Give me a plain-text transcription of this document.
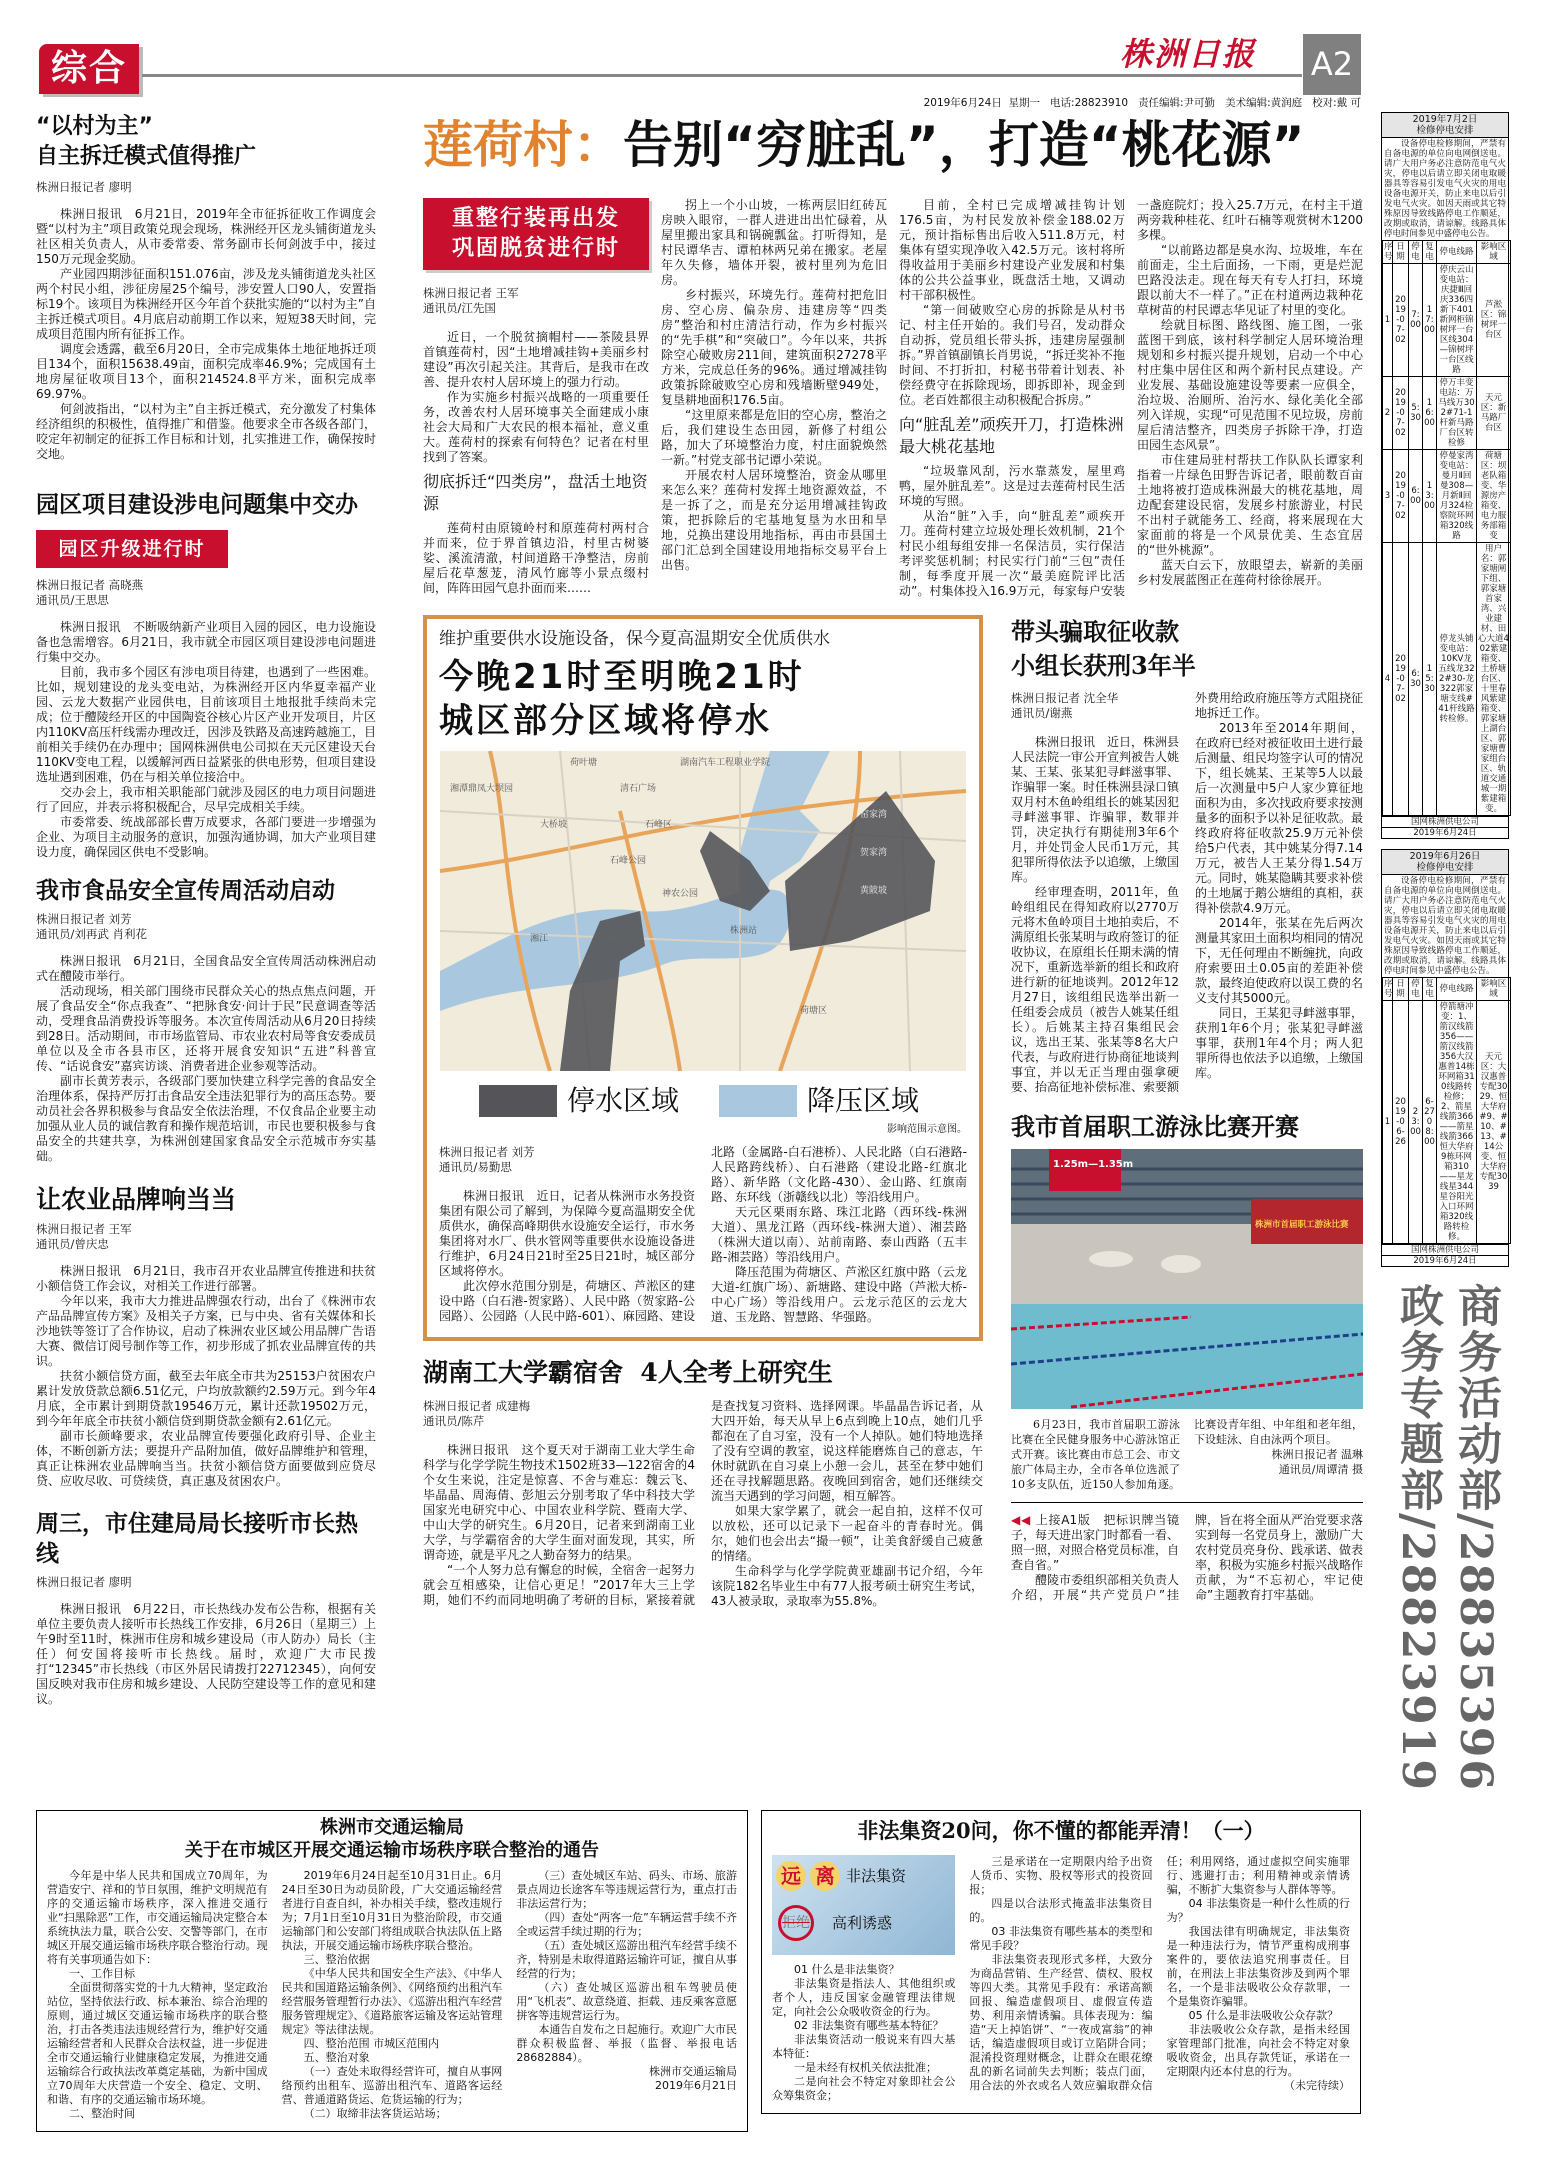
综合	株洲日报	A2
2019年6月24日  星期一   电话:28823910   责任编辑:尹可勤   美术编辑:黄润庭   校对:戴 可
“以村为主”
自主拆迁模式值得推广
株洲日报记者 廖明

株洲日报讯　6月21日，2019年全市征拆征收工作调度会暨“以村为主”项目政策兑现会现场，株洲经开区龙头铺街道龙头社区相关负责人，从市委常委、常务副市长何剑波手中，接过150万元现金奖励。

产业园四期涉征面积151.076亩，涉及龙头铺街道龙头社区两个村民小组，涉征房屋25个编号，涉安置人口90人，安置指标19个。该项目为株洲经开区今年首个获批实施的“以村为主”自主拆迁模式项目。4月底启动前期工作以来，短短38天时间，完成项目范围内所有征拆工作。

调度会透露，截至6月20日，全市完成集体土地征地拆迁项目134个，面积15638.49亩，面积完成率46.9%；完成国有土地房屋征收项目13个，面积214524.8平方米，面积完成率69.97%。

何剑波指出，“以村为主”自主拆迁模式，充分激发了村集体经济组织的积极性，值得推广和借鉴。他要求全市各级各部门，咬定年初制定的征拆工作目标和计划，扎实推进工作，确保按时交地。

园区项目建设涉电问题集中交办
园区升级进行时
株洲日报记者 高晓燕
通讯员/王思思

株洲日报讯　不断吸纳新产业项目入园的园区，电力设施设备也急需增容。6月21日，我市就全市园区项目建设涉电问题进行集中交办。

目前，我市多个园区有涉电项目待建，也遇到了一些困难。比如，规划建设的龙头变电站，为株洲经开区内华夏幸福产业园、云龙大数据产业园供电，目前该项目土地报批手续尚未完成；位于醴陵经开区的中国陶瓷谷核心片区产业开发项目，片区内110KV高压杆线需办理改迁，因涉及铁路及高速跨越施工，目前相关手续仍在办理中；国网株洲供电公司拟在天元区建设天台110KV变电工程，以缓解河西日益紧张的供电形势，但项目建设选址遇到困难，仍在与相关单位接洽中。

交办会上，我市相关职能部门就涉及园区的电力项目问题进行了回应，并表示将积极配合，尽早完成相关手续。

市委常委、统战部部长曹万成要求，各部门要进一步增强为企业、为项目主动服务的意识，加强沟通协调，加大产业项目建设力度，确保园区供电不受影响。

我市食品安全宣传周活动启动
株洲日报记者 刘芳
通讯员/刘再武 肖利花

株洲日报讯　6月21日，全国食品安全宣传周活动株洲启动式在醴陵市举行。

活动现场，相关部门围绕市民群众关心的热点焦点问题，开展了食品安全“你点我查”、“把脉食安·问计于民”民意调查等活动，受理食品消费投诉等服务。本次宣传周活动从6月20日持续到28日。活动期间，市市场监管局、市农业农村局等食安委成员单位以及全市各县市区，还将开展食安知识“五进”科普宣传、“话说食安”嘉宾访谈、消费者进企业参观等活动。

副市长黄芳表示，各级部门要加快建立科学完善的食品安全治理体系，保持严厉打击食品安全违法犯罪行为的高压态势。要动员社会各界积极参与食品安全依法治理，不仅食品企业要主动加强从业人员的诚信教育和操作规范培训，市民也要积极参与食品安全的共建共享，为株洲创建国家食品安全示范城市夯实基础。

让农业品牌响当当
株洲日报记者 王军
通讯员/曾庆忠

株洲日报讯　6月21日，我市召开农业品牌宣传推进和扶贫小额信贷工作会议，对相关工作进行部署。

今年以来，我市大力推进品牌强农行动，出台了《株洲市农产品品牌宣传方案》及相关子方案，已与中央、省有关媒体和长沙地铁等签订了合作协议，启动了株洲农业区域公用品牌广告语大赛、微信订阅号制作等工作，初步形成了抓农业品牌宣传的共识。

扶贫小额信贷方面，截至去年底全市共为25153户贫困农户累计发放贷款总额6.51亿元，户均放款额约2.59万元。到今年4月底，全市累计到期贷款19546万元，累计还款19502万元，到今年年底全市扶贫小额信贷到期贷款金额有2.61亿元。

副市长颜峰要求，农业品牌宣传要强化政府引导、企业主体，不断创新方法；要提升产品附加值，做好品牌维护和管理，真正让株洲农业品牌响当当。扶贫小额信贷方面要做到应贷尽贷、应收尽收、可贷续贷，真正惠及贫困农户。

周三，市住建局局长接听市长热线
株洲日报记者 廖明

株洲日报讯　6月22日，市长热线办发布公告称，根据有关单位主要负责人接听市长热线工作安排，6月26日（星期三）上午9时至11时，株洲市住房和城乡建设局（市人防办）局长（主任）何安国将接听市长热线。届时，欢迎广大市民拨打“12345”市长热线（市区外居民请拨打22712345），向何安国反映对我市住房和城乡建设、人民防空建设等工作的意见和建议。

莲荷村：告别“穷脏乱”，打造“桃花源”
重整行装再出发
巩固脱贫进行时
株洲日报记者 王军
通讯员/江先国

近日，一个脱贫摘帽村——茶陵县界首镇莲荷村，因“土地增减挂钩+美丽乡村建设”再次引起关注。其背后，是我市在改善、提升农村人居环境上的强力行动。

作为实施乡村振兴战略的一项重要任务，改善农村人居环境事关全面建成小康社会大局和广大农民的根本福祉，意义重大。莲荷村的探索有何特色？记者在村里找到了答案。

彻底拆迁“四类房”，盘活土地资源

莲荷村由原镜岭村和原莲荷村两村合并而来，位于界首镇边沿，村里古树婆娑、溪流清澈，村间道路干净整洁，房前屋后花草葱茏，清风竹廊等小景点缀村间，阵阵田园气息扑面而来……

拐上一个小山坡，一栋两层旧红砖瓦房映入眼帘，一群人进进出出忙碌着，从屋里搬出家具和锅碗瓢盆。打听得知，是村民谭华吉、谭柏林两兄弟在搬家。老屋年久失修，墙体开裂，被村里列为危旧房。

乡村振兴，环境先行。莲荷村把危旧房、空心房、偏杂房、违建房等“四类房”整治和村庄清洁行动，作为乡村振兴的“先手棋”和“突破口”。今年以来，共拆除空心破败房211间，建筑面积27278平方米，完成总任务的96%。通过增减挂钩政策拆除破败空心房和残墙断壁949处，复垦耕地面积176.5亩。

“这里原来都是危旧的空心房，整治之后，我们建设生态田园，新修了村组公路，加大了环境整治力度，村庄面貌焕然一新。”村党支部书记谭小荣说。

开展农村人居环境整治，资金从哪里来怎么来？莲荷村发挥土地资源效益，不是一拆了之，而是充分运用增减挂钩政策，把拆除后的宅基地复垦为水田和旱地，兑换出建设用地指标，再由市县国土部门汇总到全国建设用地指标交易平台上出售。

目前，全村已完成增减挂钩计划176.5亩，为村民发放补偿金188.02万元，预计指标售出后收入511.8万元，村集体有望实现净收入42.5万元。该村将所得收益用于美丽乡村建设产业发展和村集体的公共公益事业，既盘活土地，又调动村干部积极性。

“第一间破败空心房的拆除是从村书记、村主任开始的。我们号召，发动群众自动拆，党员组长带头拆，违建房屋强制拆。”界首镇副镇长肖男说，“拆迁奖补不拖时间、不打折扣，村秘书带着计划表、补偿经费守在拆除现场，即拆即补，现金到位。老百姓都很主动积极配合拆房。”

向“脏乱差”顽疾开刀，打造株洲最大桃花基地

“垃圾靠风刮，污水靠蒸发，屋里鸡鸭，屋外脏乱差”。这是过去莲荷村民生活环境的写照。

从治“脏”入手，向“脏乱差”顽疾开刀。莲荷村建立垃圾处理长效机制，21个村民小组每组安排一名保洁员，实行保洁考评奖惩机制；村民实行门前“三包”责任制，每季度开展一次“最美庭院评比活动”。村集体投入16.9万元，每家每户安装一盏庭院灯；投入25.7万元，在村主干道两旁栽种桂花、红叶石楠等观赏树木1200多棵。

“以前路边都是臭水沟、垃圾堆，车在前面走，尘土后面扬，一下雨，更是烂泥巴路没法走。现在每天有专人打扫，环境跟以前大不一样了。”正在村道两边栽种花草树苗的村民谭志华见证了村里的变化。

绘就目标图、路线图、施工图，一张蓝图干到底，该村科学制定人居环境治理规划和乡村振兴提升规划，启动一个中心村庄集中居住区和两个新村民点建设。产业发展、基础设施建设等要素一应俱全，治垃圾、治厕所、治污水、绿化美化全部列入详规，实现“可见范围不见垃圾，房前屋后清洁整齐，四类房子拆除干净，打造田园生态风景”。

市住建局驻村帮扶工作队队长谭家利指着一片绿色田野告诉记者，眼前数百亩土地将被打造成株洲最大的桃花基地，周边配套建设民宿，发展乡村旅游业，村民不出村子就能务工、经商，将来展现在大家面前的将是一个风景优美、生态宜居的“世外桃源”。

蓝天白云下，放眼望去，崭新的美丽乡村发展蓝图正在莲荷村徐徐展开。

维护重要供水设施设备，保今夏高温期安全优质供水
今晚21时至明晚21时
城区部分区域将停水
荷叶塘
湘潭鼎凤大坝园	清石广场
石峰区
湖南汽车工程职业学院
大桥坡
石峰公园
湘江
神农公园
株洲站
窑家湾
贺家湾
黄陂坡
荷塘区
停水区域	降压区域
影响范围示意图。
株洲日报记者 刘芳
通讯员/易勤思

株洲日报讯　近日，记者从株洲市水务投资集团有限公司了解到，为保障今夏高温期安全优质供水，确保高峰期供水设施安全运行，市水务集团将对水厂、供水管网等重要供水设施设备进行维护，6月24日21时至25日21时，城区部分区域将停水。

此次停水范围分别是，荷塘区、芦淞区的建设中路（白石港-贺家路）、人民中路（贺家路-公园路）、公园路（人民中路-601）、麻园路、建设北路（金属路-白石港桥）、人民北路（白石港路-人民路跨线桥）、白石港路（建设北路-红旗北路）、新华路（文化路-430）、金山路、红旗南路、东环线（浙赣线以北）等沿线用户。

天元区栗雨东路、珠江北路（西环线-株洲大道）、黑龙江路（西环线-株洲大道）、湘芸路（株洲大道以南）、站前南路、泰山西路（五丰路-湘芸路）等沿线用户。

降压范围为荷塘区、芦淞区红旗中路（云龙大道-红旗广场）、新塘路、建设中路（芦淞大桥-中心广场）等沿线用户。云龙示范区的云龙大道、玉龙路、智慧路、华强路。

湖南工大学霸宿舍  4人全考上研究生
株洲日报记者 成建梅
通讯员/陈芹

株洲日报讯　这个夏天对于湖南工业大学生命科学与化学学院生物技术1502班33—122宿舍的4个女生来说，注定是惊喜、不舍与难忘：魏云飞、毕晶晶、周海倩、彭旭云分别考取了华中科技大学国家光电研究中心、中国农业科学院、暨南大学、中山大学的研究生。6月20日，记者来到湖南工业大学，与学霸宿舍的大学生面对面发现，其实，所谓奇迹，就是平凡之人勤奋努力的结果。

“一个人努力总有懈怠的时候，全宿舍一起努力就会互相感染，让信心更足！”2017年大三上学期，她们不约而同地明确了考研的目标，紧接着就是查找复习资料、选择网课。毕晶晶告诉记者，从大四开始，每天从早上6点到晚上10点，她们几乎都泡在了自习室，没有一个人掉队。她们特地选择了没有空调的教室，说这样能磨炼自己的意志，午休时就趴在自习桌上小憩一会儿，甚至在梦中她们还在寻找解题思路。夜晚回到宿舍，她们还继续交流当天遇到的学习问题，相互解答。

如果大家学累了，就会一起自拍，这样不仅可以放松，还可以记录下一起奋斗的青春时光。偶尔，她们也会出去“撮一顿”，让美食舒缓自己疲惫的情绪。

生命科学与化学学院黄亚雄副书记介绍，今年该院182名毕业生中有77人报考硕士研究生考试，43人被录取，录取率为55.8%。

带头骗取征收款
小组长获刑3年半
株洲日报记者 沈全华
通讯员/谢燕

株洲日报讯　近日，株洲县人民法院一审公开宣判被告人姚某、王某、张某犯寻衅滋事罪、诈骗罪一案。时任株洲县渌口镇双月村木鱼岭组组长的姚某因犯寻衅滋事罪、诈骗罪，数罪并罚，决定执行有期徒刑3年6个月，并处罚金人民币1万元，其犯罪所得依法予以追缴，上缴国库。

经审理查明，2011年，鱼岭组组民在得知政府以2770万元将木鱼岭项目土地拍卖后，不满原组长张某明与政府签订的征收协议，在原组长任期未满的情况下，重新选举新的组长和政府进行新的征地谈判。2012年12月27日，该组组民选举出新一任组委会成员（被告人姚某任组长）。后姚某主持召集组民会议，选出王某、张某等8名大户代表，与政府进行协商征地谈判事宜，并以无正当理由强拿硬要、抬高征地补偿标准、索要额外费用给政府施压等方式阻挠征地拆迁工作。

2013年至2014年期间，在政府已经对被征收田土进行最后测量、组民均签字认可的情况下，组长姚某、王某等5人以最后一次测量中5户人家少算征地面积为由，多次找政府要求按测量多的面积予以补足征收款。最终政府将征收款25.9万元补偿给5户代表，其中姚某分得7.14万元，被告人王某分得1.54万元。同时，姚某隐瞒其要求补偿的土地属于鹅公塘组的真相，获得补偿款4.9万元。

2014年，张某在先后两次测量其家田土面积均相同的情况下，无任何理由不断缠扰，向政府索要田土0.05亩的差距补偿款，最终迫使政府以误工费的名义支付其5000元。

同日，王某犯寻衅滋事罪，获刑1年6个月；张某犯寻衅滋事罪，获刑1年4个月；两人犯罪所得也依法予以追缴，上缴国库。

我市首届职工游泳比赛开赛
1.25m—1.35m
株洲市首届职工游泳比赛

6月23日，我市首届职工游泳比赛在全民健身服务中心游泳馆正式开赛。该比赛由市总工会、市文旅广体局主办，全市各单位选派了10多支队伍，近150人参加角逐。比赛设青年组、中年组和老年组，下设蛙泳、自由泳两个项目。

株洲日报记者 温琳

通讯员/周谭清 摄

◀◀ 上接A1版　 把标识牌当镜子，每天进出家门时都看一看、照一照，对照合格党员标准，自查自省。”

醴陵市委组织部相关负责人介绍，开展“共产党员户”挂牌，旨在将全面从严治党要求落实到每一名党员身上，激励广大农村党员亮身份、践承诺、做表率，积极为实施乡村振兴战略作贡献，为“不忘初心，牢记使命”主题教育打牢基础。

2019年7月2日
检修停电安排
设备停电检修期间，严禁有自备电源的单位向电网倒送电。请广大用户务必注意防范电气火灾，停电以后请立即关闭电取暖器具等容易引发电气火灾的用电设备电源开关，防止来电以后引发电气火灾。如因天雨或其它特殊原因导致线路停电工作顺延，改期或取消，请谅解。线路具体停电时间参见中盛停电公告。
序号	日期	停电	复电	停电线路	影响区域
1	2019-07-02	7:00	17:00	停庆云山变电站：庆捷Ⅲ回庆336四新下401新网柜锦树坪一台区线304—锦树坪一台区线路	芦淞区：锦树坪一台区
2	2019-07-02	5:30	16:00	停万丰变电站：万马线万302#71-1杆新马路厂台区转检修	天元区：新马路厂台区
3	2019-07-02	6:00	13:00	停曼家湾变电站：曼月Ⅱ回曼308—月新Ⅱ回月324检察院环网箱320线路	荷塘区：坝老队箱变、华源房产箱变、电力服务部箱变
4	2019-07-02	6:30	15:30	停龙头铺变电站：10KV龙五线龙322#30-龙322郭家塘支线#41杆线路转检修。	用户名：郭家塘闸下组、郭家塘首家湾、兴业建材、田心大道402紫建箱变、土桥塘台区、十里春风紫建箱变、郭家塘上湖台区、郭家塘曹家组台区、轨道交通城一期紫建箱变。
国网株洲供电公司
2019年6月24日
2019年6月26日
检修停电安排
设备停电检修期间，严禁有自备电源的单位向电网倒送电。请广大用户务必注意防范电气火灾，停电以后请立即关闭电取暖器具等容易引发电气火灾的用电设备电源开关，防止来电以后引发电气火灾。如因天雨或其它特殊原因导致线路停电工作顺延，改期或取消，请谅解。线路具体停电时间参见中盛停电公告。
序号	日期	停电	复电	停电线路	影响区域
1	2019-06-26	23:00	6-27 08:00	停箭塘冲变：1、箭汉线箭356——箭汉线箭356大汉惠普14栋环网箱310线路转检修；2、箭星线箭366——箭星线箭366恒大华府9栋环网箱310——星龙线星344星谷阳光入口环网箱320线路转检修。	天元区：大汉惠普专配3029、恒大华府#9、#10、#13、#14公变、恒大华府专配3039
国网株洲供电公司
2019年6月24日
商务活动部/28835396
政务专题部/28823919
株洲市交通运输局
关于在市城区开展交通运输市场秩序联合整治的通告

今年是中华人民共和国成立70周年，为营造安宁、祥和的节日氛围，维护文明规范有序的交通运输市场秩序，深入推进交通行业“扫黑除恶”工作，市交通运输局决定整合本系统执法力量，联合公安、交警等部门，在市城区开展交通运输市场秩序联合整治行动。现将有关事项通告如下：

一、工作目标

全面贯彻落实党的十九大精神，坚定政治站位，坚持依法行政、标本兼治、综合治理的原则，通过城区交通运输市场秩序的联合整治，打击各类违法违规经营行为，维护好交通运输经营者和人民群众合法权益，进一步促进全市交通运输行业健康稳定发展，为推进交通运输综合行政执法改革奠定基础，为新中国成立70周年大庆营造一个安全、稳定、文明、和谐、有序的交通运输市场环境。

二、整治时间

2019年6月24日起至10月31日止。6月24日至30日为动员阶段，广大交通运输经营者进行自查自纠，补办相关手续，整改违规行为；7月1日至10月31日为整治阶段，市交通运输部门和公安部门将组成联合执法队伍上路执法，开展交通运输市场秩序联合整治。

三、整治依据

《中华人民共和国安全生产法》、《中华人民共和国道路运输条例》、《网络预约出租汽车经营服务管理暂行办法》、《巡游出租汽车经营服务管理规定》、《道路旅客运输及客运站管理规定》等法律法规。

四、整治范围 市城区范围内

五、整治对象

（一）查处未取得经营许可，擅自从事网络预约出租车、巡游出租汽车、道路客运经营、普通道路货运、危货运输的行为；

（二）取缔非法客货运站场；

（三）查处城区车站、码头、市场、旅游景点周边长途客车等违规运营行为，重点打击非法运营行为；

（四）查处“两客一危”车辆运营手续不齐全或运营手续过期的行为；

（五）查处城区巡游出租汽车经营手续不齐，特别是未取得道路运输许可证，擅自从事经营的行为；

（六）查处城区巡游出租车驾驶员使用“飞机表”、故意绕道、拒载、违反乘客意愿拼客等违规营运行为。

本通告自发布之日起施行。欢迎广大市民群众积极监督、举报（监督、举报电话28682884）。

株洲市交通运输局

2019年6月21日

非法集资20问，你不懂的都能弄清！（一）
远 离 非法集资
拒绝 高利诱惑

01 什么是非法集资？

非法集资是指法人、其他组织或者个人，违反国家金融管理法律规定，向社会公众吸收资金的行为。

02 非法集资有哪些基本特征？

非法集资活动一般说来有四大基本特征：

一是未经有权机关依法批准；

二是向社会不特定对象即社会公众筹集资金；

三是承诺在一定期限内给予出资人货币、实物、股权等形式的投资回报；

四是以合法形式掩盖非法集资目的。

03 非法集资有哪些基本的类型和常见手段？

非法集资表现形式多样，大致分为商品营销、生产经营、债权、股权等四大类。其常见手段有：承诺高额回报、编造虚假项目、虚假宣传造势、利用亲情诱骗。具体表现为：编造“天上掉馅饼”、“一夜成富翁”的神话，编造虚假项目或订立陷阱合同；混淆投资理财概念，让群众在眼花缭乱的新名词前失去判断；装点门面，用合法的外衣或名人效应骗取群众信任；利用网络，通过虚拟空间实施罪行、逃避打击；利用精神或亲情诱骗，不断扩大集资参与人群体等等。

04 非法集资是一种什么性质的行为？

我国法律有明确规定，非法集资是一种违法行为，情节严重构成刑事案件的，要依法追究刑事责任。目前，在刑法上非法集资涉及到两个罪名，一个是非法吸收公众存款罪，一个是集资诈骗罪。

05 什么是非法吸收公众存款？

非法吸收公众存款，是指未经国家管理部门批准，向社会不特定对象吸收资金，出具存款凭证，承诺在一定期限内还本付息的行为。

（未完待续）
